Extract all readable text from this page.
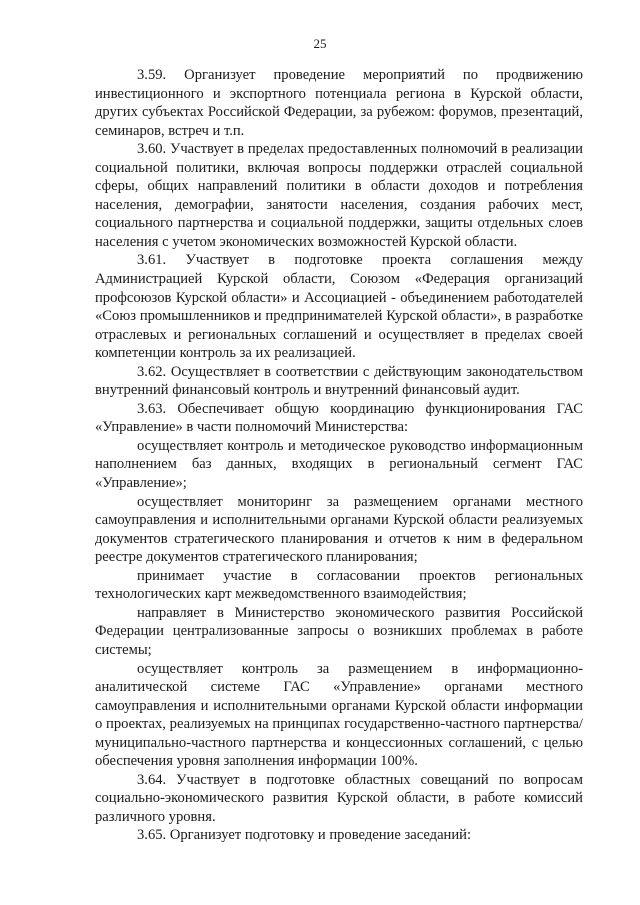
25

3.59. Организует проведение мероприятий по продвижению инвестиционного и экспортного потенциала региона в Курской области, других субъектах Российской Федерации, за рубежом: форумов, презентаций, семинаров, встреч и т.п.

3.60. Участвует в пределах предоставленных полномочий в реализации социальной политики, включая вопросы поддержки отраслей социальной сферы, общих направлений политики в области доходов и потребления населения, демографии, занятости населения, создания рабочих мест, социального партнерства и социальной поддержки, защиты отдельных слоев населения с учетом экономических возможностей Курской области.

3.61. Участвует в подготовке проекта соглашения между Администрацией Курской области, Союзом «Федерация организаций профсоюзов Курской области» и Ассоциацией - объединением работодателей «Союз промышленников и предпринимателей Курской области», в разработке отраслевых и региональных соглашений и осуществляет в пределах своей компетенции контроль за их реализацией.

3.62. Осуществляет в соответствии с действующим законодательством внутренний финансовый контроль и внутренний финансовый аудит.

3.63. Обеспечивает общую координацию функционирования ГАС «Управление» в части полномочий Министерства:

осуществляет контроль и методическое руководство информационным наполнением баз данных, входящих в региональный сегмент ГАС «Управление»;

осуществляет мониторинг за размещением органами местного самоуправления и исполнительными органами Курской области реализуемых документов стратегического планирования и отчетов к ним в федеральном реестре документов стратегического планирования;

принимает участие в согласовании проектов региональных технологических карт межведомственного взаимодействия;

направляет в Министерство экономического развития Российской Федерации централизованные запросы о возникших проблемах в работе системы;

осуществляет контроль за размещением в информационно-аналитической системе ГАС «Управление» органами местного самоуправления и исполнительными органами Курской области информации о проектах, реализуемых на принципах государственно-частного партнерства/муниципально-частного партнерства и концессионных соглашений, с целью обеспечения уровня заполнения информации 100%.

3.64. Участвует в подготовке областных совещаний по вопросам социально-экономического развития Курской области, в работе комиссий различного уровня.

3.65. Организует подготовку и проведение заседаний:
